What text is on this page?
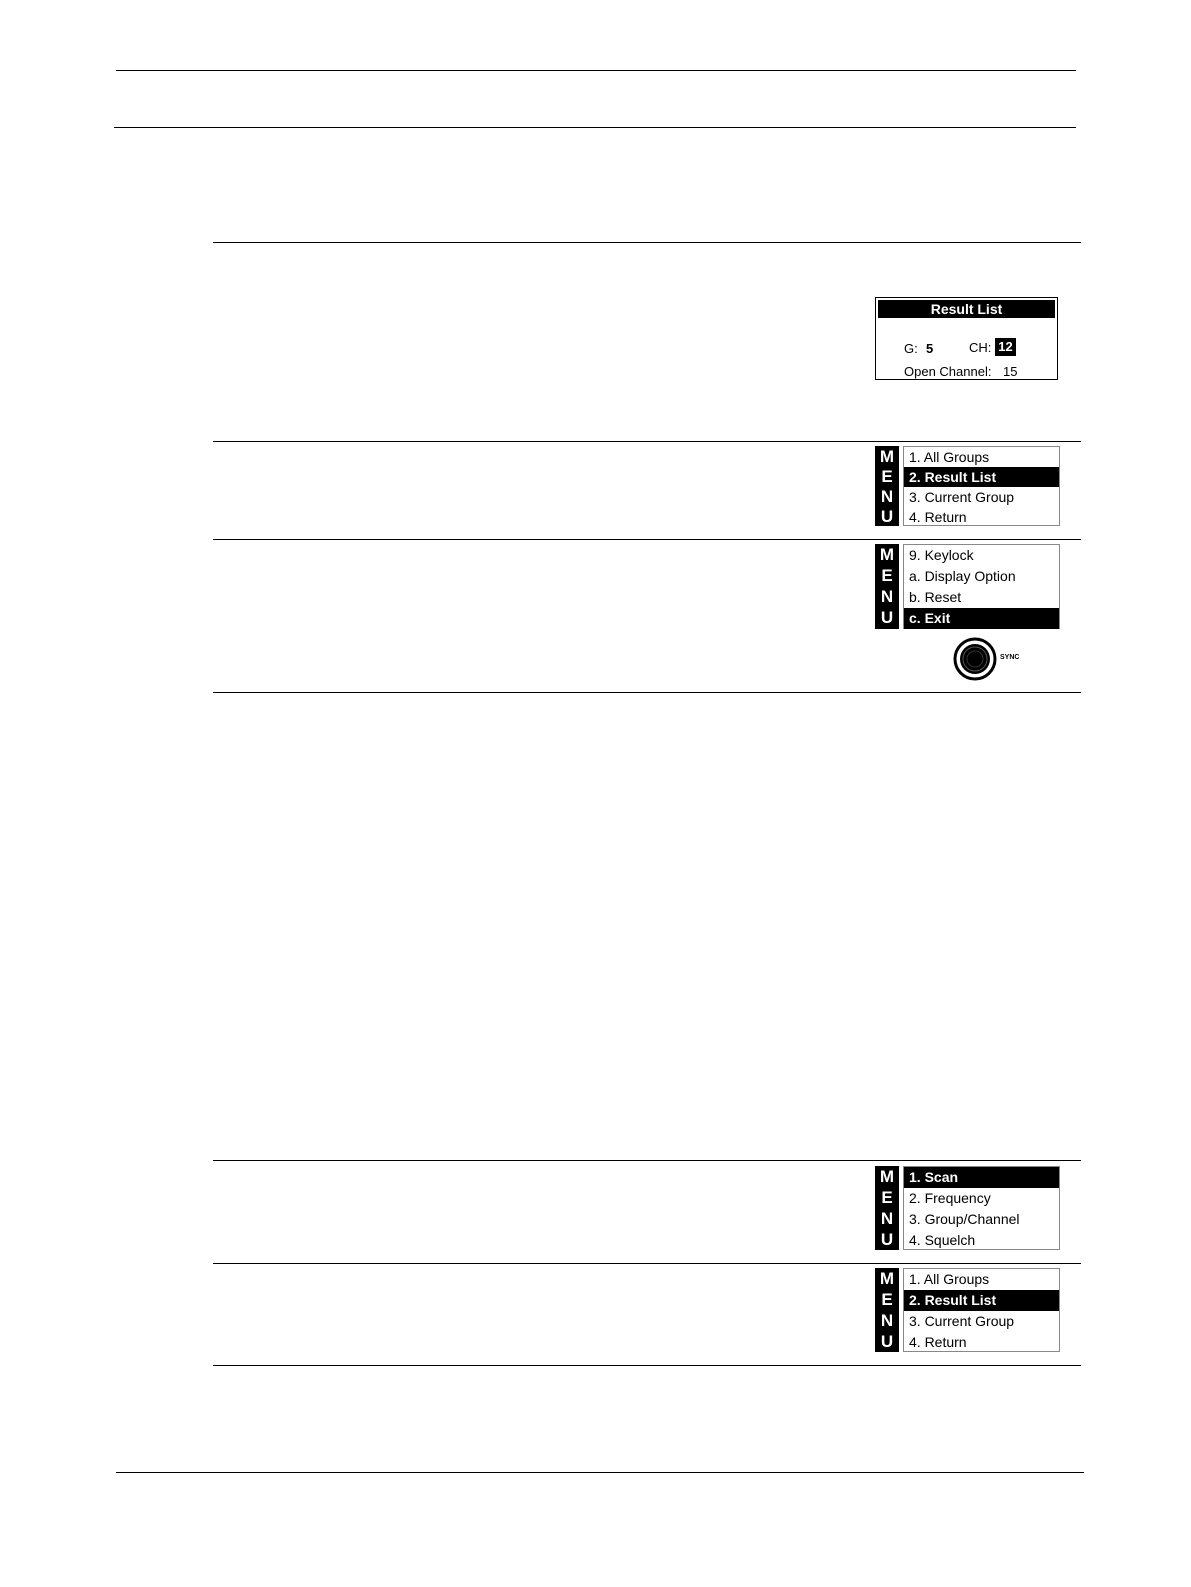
Result List
G: 5	CH: 12
Open Channel: 15
M
E
N
U
1. All Groups
2. Result List
3. Current Group
4. Return
M
E
N
U
9. Keylock
a. Display Option
b. Reset
c. Exit
SYNC
M
E
N
U
1. Scan
2. Frequency
3. Group/Channel
4. Squelch
M
E
N
U
1. All Groups
2. Result List
3. Current Group
4. Return
